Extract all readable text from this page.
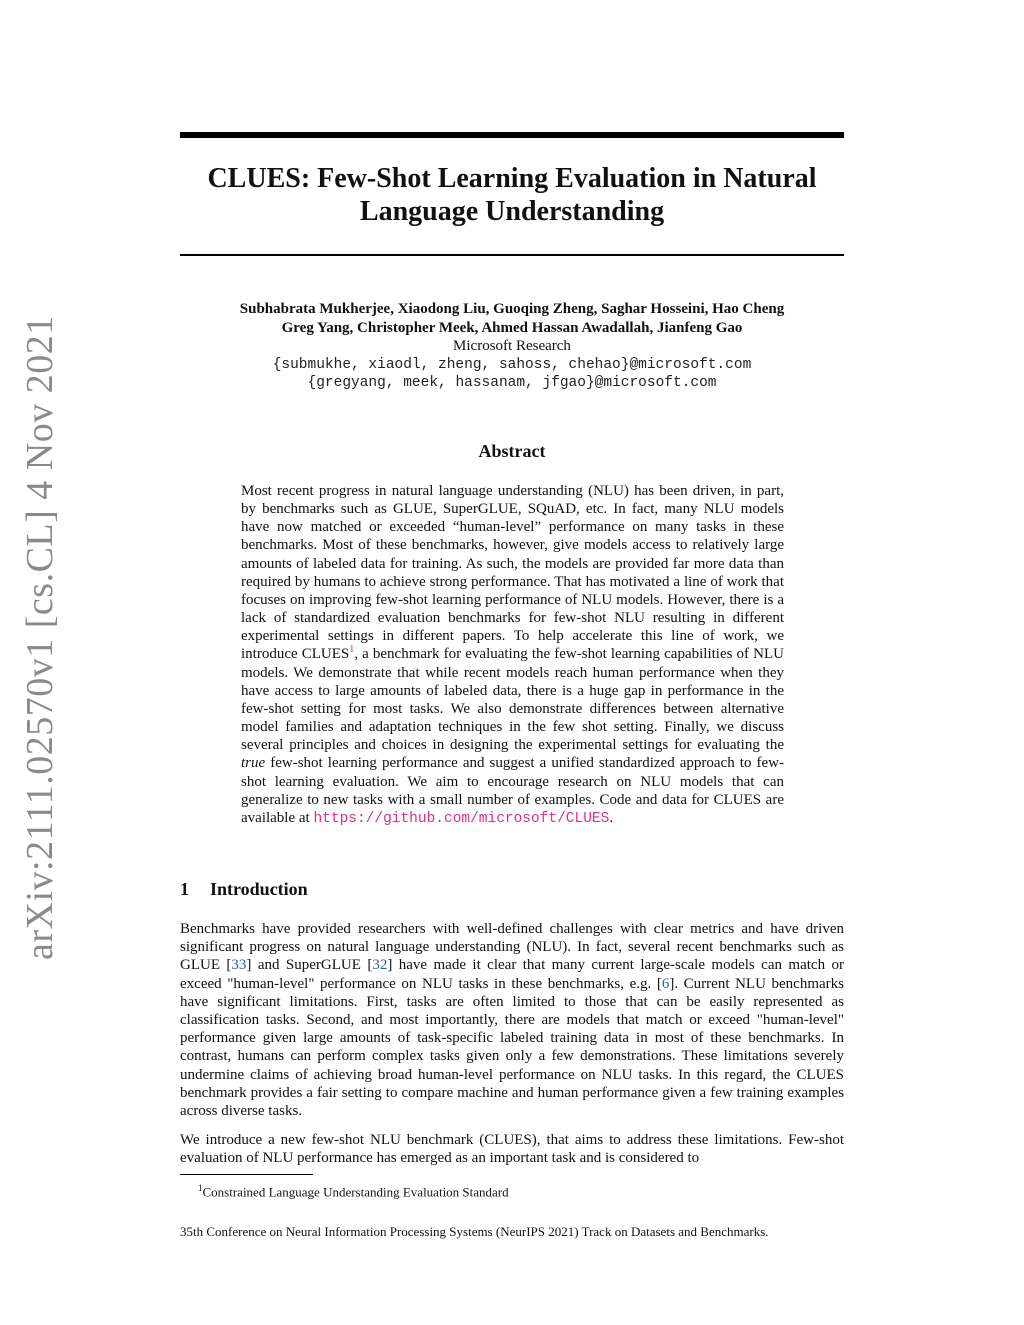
arXiv:2111.02570v1 [cs.CL] 4 Nov 2021
CLUES: Few-Shot Learning Evaluation in Natural Language Understanding
Subhabrata Mukherjee, Xiaodong Liu, Guoqing Zheng, Saghar Hosseini, Hao Cheng
Greg Yang, Christopher Meek, Ahmed Hassan Awadallah, Jianfeng Gao
Microsoft Research
{submukhe, xiaodl, zheng, sahoss, chehao}@microsoft.com
{gregyang, meek, hassanam, jfgao}@microsoft.com
Abstract

Most recent progress in natural language understanding (NLU) has been driven, in part, by benchmarks such as GLUE, SuperGLUE, SQuAD, etc. In fact, many NLU models have now matched or exceeded “human-level” performance on many tasks in these benchmarks. Most of these benchmarks, however, give models access to relatively large amounts of labeled data for training. As such, the models are provided far more data than required by humans to achieve strong performance. That has motivated a line of work that focuses on improving few-shot learning performance of NLU models. However, there is a lack of standardized evaluation benchmarks for few-shot NLU resulting in different experimental settings in different papers. To help accelerate this line of work, we introduce CLUES$^1$, a benchmark for evaluating the few-shot learning capabilities of NLU models. We demonstrate that while recent models reach human performance when they have access to large amounts of labeled data, there is a huge gap in performance in the few-shot setting for most tasks. We also demonstrate differences between alternative model families and adaptation techniques in the few shot setting. Finally, we discuss several principles and choices in designing the experimental settings for evaluating the true few-shot learning performance and suggest a unified standardized approach to few-shot learning evaluation. We aim to encourage research on NLU models that can generalize to new tasks with a small number of examples. Code and data for CLUES are available at https://github.com/microsoft/CLUES.

1 Introduction

Benchmarks have provided researchers with well-defined challenges with clear metrics and have driven significant progress on natural language understanding (NLU). In fact, several recent benchmarks such as GLUE [33] and SuperGLUE [32] have made it clear that many current large-scale models can match or exceed "human-level" performance on NLU tasks in these benchmarks, e.g. [6]. Current NLU benchmarks have significant limitations. First, tasks are often limited to those that can be easily represented as classification tasks. Second, and most importantly, there are models that match or exceed "human-level" performance given large amounts of task-specific labeled training data in most of these benchmarks. In contrast, humans can perform complex tasks given only a few demonstrations. These limitations severely undermine claims of achieving broad human-level performance on NLU tasks. In this regard, the CLUES benchmark provides a fair setting to compare machine and human performance given a few training examples across diverse tasks.

We introduce a new few-shot NLU benchmark (CLUES), that aims to address these limitations. Few-shot evaluation of NLU performance has emerged as an important task and is considered to

$^1$Constrained Language Understanding Evaluation Standard
35th Conference on Neural Information Processing Systems (NeurIPS 2021) Track on Datasets and Benchmarks.
